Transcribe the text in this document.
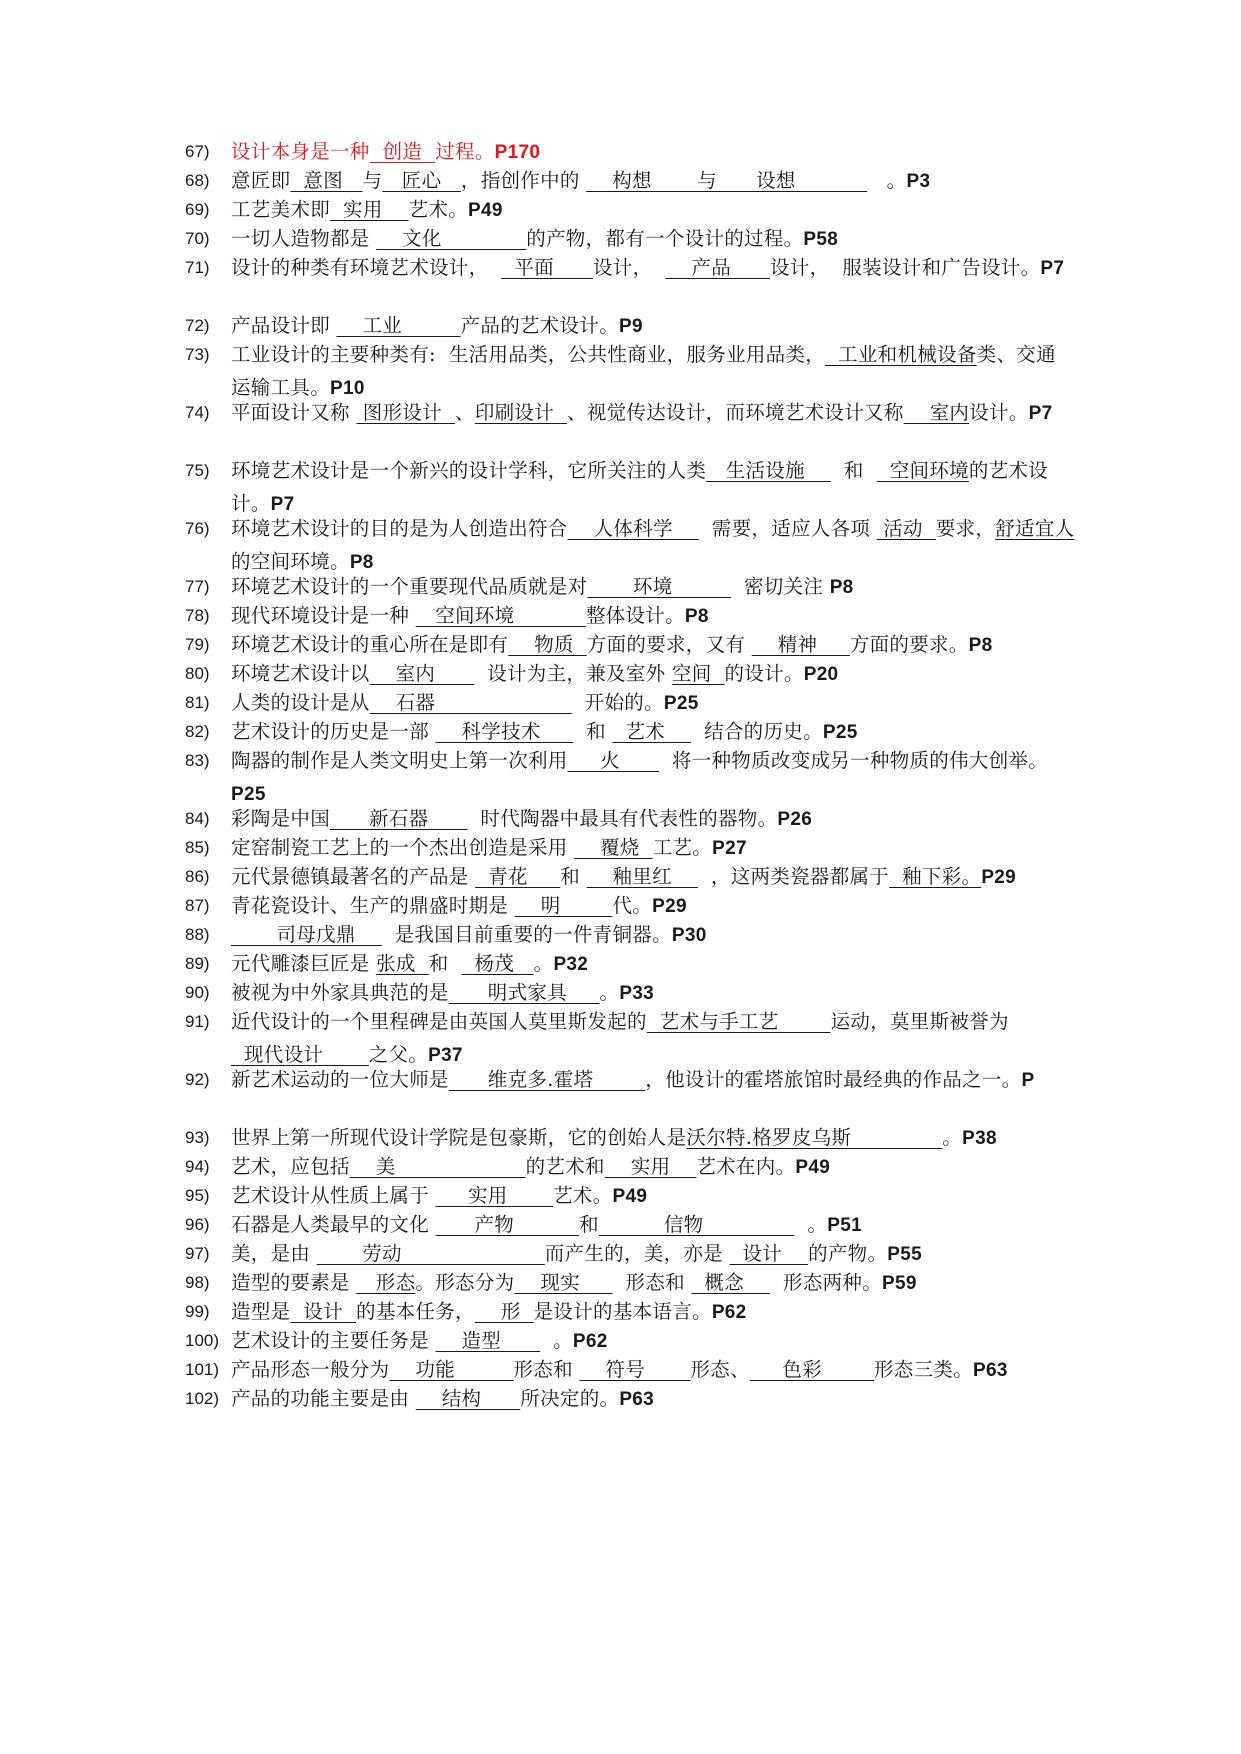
67)	设计本身是一种  创造  过程。P170
68)	意匠即  意图   与   匠心   ，指创作中的     构想       与      设想              。P3
69)	工艺美术即  实用    艺术。P49
70)	一切人造物都是     文化             的产物，都有一个设计的过程。P58
71)	设计的种类有环境艺术设计，    平面      设计，      产品      设计，  服装设计和广告设计。P7
72)	产品设计即     工业         产品的艺术设计。P9
73)	工业设计的主要种类有:  生活用品类，公共性商业，服务业用品类，  工业和机械设备类、交通运输工具。P10
74)	平面设计又称  图形设计  、印刷设计  、视觉传达设计，而环境艺术设计又称    室内设计。P7
75)	环境艺术设计是一个新兴的设计学科，它所关注的人类   生活设施      和    空间环境的艺术设计。P7
76)	环境艺术设计的目的是为人创造出符合    人体科学      需要，适应人各项  活动  要求，舒适宜人的空间环境。P8
77)	环境艺术设计的一个重要现代品质就是对       环境           密切关注 P8
78)	现代环境设计是一种    空间环境           整体设计。P8
79)	环境艺术设计的重心所在是即有    物质  方面的要求，又有     精神     方面的要求。P8
80)	环境艺术设计以    室内        设计为主，兼及室外 空间  的设计。P20
81)	人类的设计是从    石器                       开始的。P25
82)	艺术设计的历史是一部     科学技术       和   艺术      结合的历史。P25
83)	陶器的制作是人类文明史上第一次利用     火        将一种物质改变成另一种物质的伟大创举。P25
84)	彩陶是中国      新石器        时代陶器中最具有代表性的器物。P26
85)	定窑制瓷工艺上的一个杰出创造是采用     覆烧  工艺。P27
86)	元代景德镇最著名的产品是   青花     和     釉里红      ，这两类瓷器都属于  釉下彩。P29
87)	青花瓷设计、生产的鼎盛时期是     明        代。P29
88)	司母戊鼎      是我国目前重要的一件青铜器。P30
89)	元代雕漆巨匠是 张成  和    杨茂   。P32
90)	被视为中外家具典范的是      明式家具     。P33
91)	近代设计的一个里程碑是由英国人莫里斯发起的  艺术与手工艺        运动，莫里斯被誉为  现代设计       之父。P37
92)	新艺术运动的一位大师是      维克多.霍塔        ，他设计的霍塔旅馆时最经典的作品之一。P
93)	世界上第一所现代设计学院是包豪斯，它的创始人是沃尔特.格罗皮乌斯              。P38
94)	艺术，应包括    美                    的艺术和    实用    艺术在内。P49
95)	艺术设计从性质上属于      实用       艺术。P49
96)	石器是人类最早的文化       产物          和          信物                。P51
97)	美，是由        劳动                      而产生的，美，亦是   设计    的产物。P55
98)	造型的要素是    形态。形态分为    现实       形态和   概念      形态两种。P59
99)	造型是  设计  的基本任务，    形  是设计的基本语言。P62
100) 艺术设计的主要任务是     造型        。P62
101) 产品形态一般分为    功能         形态和     符号       形态、     色彩        形态三类。P63
102) 产品的功能主要是由     结构      所决定的。P63
